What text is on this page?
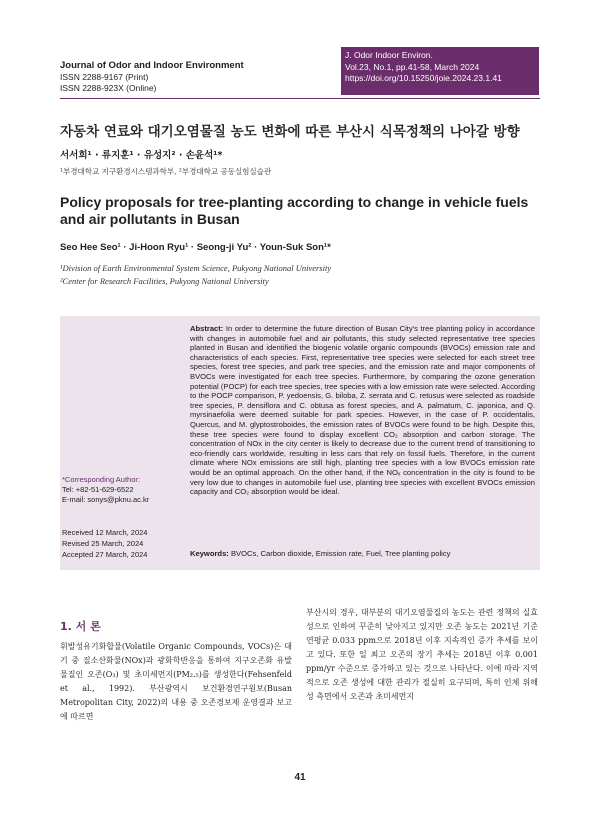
Journal of Odor and Indoor Environment
ISSN 2288-9167 (Print)
ISSN 2288-923X (Online)
J. Odor Indoor Environ.
Vol.23, No.1, pp.41-58, March 2024
https://doi.org/10.15250/joie.2024.23.1.41
자동차 연료와 대기오염물질 농도 변화에 따른 부산시 식목정책의 나아갈 방향
서서희¹ · 류지훈¹ · 유성지² · 손윤석¹*
¹부경대학교 지구환경시스템과학부, ²부경대학교 공동실험실습관
Policy proposals for tree-planting according to change in vehicle fuels and air pollutants in Busan
Seo Hee Seo¹ · Ji-Hoon Ryu¹ · Seong-ji Yu² · Youn-Suk Son¹*
¹Division of Earth Environmental System Science, Pukyong National University
²Center for Research Facilities, Pukyong National University
*Corresponding Author:
Tel: +82-51-629-6522
E-mail: sonys@pknu.ac.kr
Received 12 March, 2024
Revised 25 March, 2024
Accepted 27 March, 2024
Abstract: In order to determine the future direction of Busan City's tree planting policy in accordance with changes in automobile fuel and air pollutants, this study selected representative tree species planted in Busan and identified the biogenic volatile organic compounds (BVOCs) emission rate and characteristics of each species. First, representative tree species were selected for each street tree species, forest tree species, and park tree species, and the emission rate and major components of BVOCs were investigated for each tree species. Furthermore, by comparing the ozone generation potential (POCP) for each tree species, tree species with a low emission rate were selected. According to the POCP comparison, P. yedoensis, G. biloba, Z. serrata and C. retusus were selected as roadside tree species, P. densiflora and C. obtusa as forest species, and A. palmatum, C. japonica, and Q. myrsinaefolia were deemed suitable for park species. However, in the case of P. occidentalis, Quercus, and M. glyptostroboides, the emission rates of BVOCs were found to be high. Despite this, these tree species were found to display excellent CO₂ absorption and carbon storage. The concentration of NOx in the city center is likely to decrease due to the current trend of transitioning to eco-friendly cars worldwide, resulting in less cars that rely on fossil fuels. Therefore, in the current climate where NOx emissions are still high, planting tree species with a low BVOCs emission rate would be an optimal approach. On the other hand, if the NOₓ concentration in the city is found to be very low due to changes in automobile fuel use, planting tree species with excellent BVOCs emission capacity and CO₂ absorption would be ideal.
Keywords: BVOCs, Carbon dioxide, Emission rate, Fuel, Tree planting policy
1. 서 론
휘발성유기화합물(Volatile Organic Compounds, VOCs)은 대기 중 질소산화물(NOx)과 광화학반응을 통하여 지구오존화 유발물질인 오존(O₃) 및 초미세먼지(PM₂.₅)를 생성한다(Fehsenfeld et al., 1992). 부산광역시 보건환경연구원보(Busan Metropolitan City, 2022)의 내용 중 오존경보제 운영결과 보고에 따르면
부산시의 경우, 대부분의 대기오염물질의 농도는 관련 정책의 실효성으로 인하여 꾸준히 낮아지고 있지만 오존 농도는 2021년 기준 연평균 0.033 ppm으로 2018년 이후 지속적인 증가 추세를 보이고 있다. 또한 일 최고 오존의 장기 추세는 2018년 이후 0.001 ppm/yr 수준으로 증가하고 있는 것으로 나타난다. 이에 따라 지역적으로 오존 생성에 대한 관리가 절실히 요구되며, 특히 인체 위해성 측면에서 오존과 초미세먼지
41
